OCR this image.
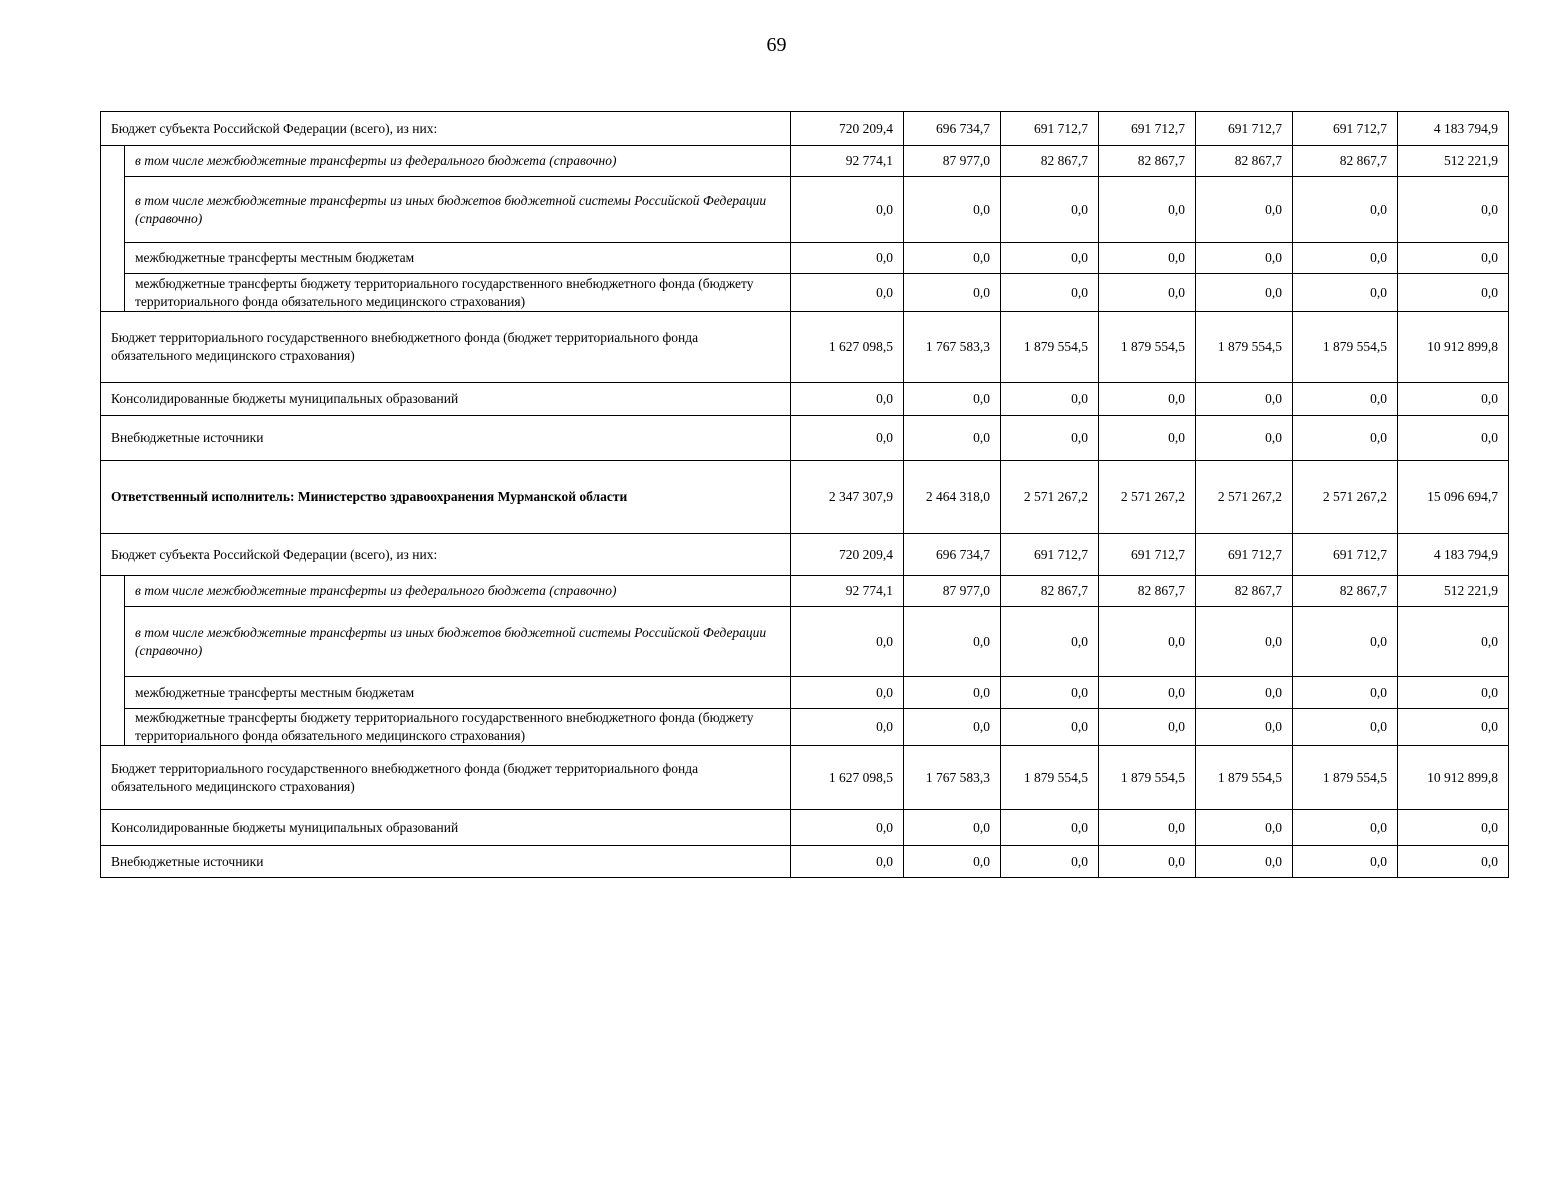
69
Бюджет субъекта Российской Федерации (всего), из них:		720 209,4	696 734,7	691 712,7	691 712,7	691 712,7	691 712,7	4 183 794,9
	в том числе межбюджетные трансферты из федерального бюджета (справочно)	92 774,1	87 977,0	82 867,7	82 867,7	82 867,7	82 867,7	512 221,9
	в том числе межбюджетные трансферты из иных бюджетов бюджетной системы Российской Федерации (справочно)	0,0	0,0	0,0	0,0	0,0	0,0	0,0
	межбюджетные трансферты местным бюджетам	0,0	0,0	0,0	0,0	0,0	0,0	0,0
	межбюджетные трансферты бюджету территориального государственного внебюджетного фонда (бюджету территориального фонда обязательного медицинского страхования)	0,0	0,0	0,0	0,0	0,0	0,0	0,0
Бюджет территориального государственного внебюджетного фонда (бюджет территориального фонда обязательного медицинского страхования)		1 627 098,5	1 767 583,3	1 879 554,5	1 879 554,5	1 879 554,5	1 879 554,5	10 912 899,8
Консолидированные бюджеты муниципальных образований		0,0	0,0	0,0	0,0	0,0	0,0	0,0
Внебюджетные источники		0,0	0,0	0,0	0,0	0,0	0,0	0,0
Ответственный исполнитель: Министерство здравоохранения Мурманской области		2 347 307,9	2 464 318,0	2 571 267,2	2 571 267,2	2 571 267,2	2 571 267,2	15 096 694,7
Бюджет субъекта Российской Федерации (всего), из них:		720 209,4	696 734,7	691 712,7	691 712,7	691 712,7	691 712,7	4 183 794,9
	в том числе межбюджетные трансферты из федерального бюджета (справочно)	92 774,1	87 977,0	82 867,7	82 867,7	82 867,7	82 867,7	512 221,9
	в том числе межбюджетные трансферты из иных бюджетов бюджетной системы Российской Федерации (справочно)	0,0	0,0	0,0	0,0	0,0	0,0	0,0
	межбюджетные трансферты местным бюджетам	0,0	0,0	0,0	0,0	0,0	0,0	0,0
	межбюджетные трансферты бюджету территориального государственного внебюджетного фонда (бюджету территориального фонда обязательного медицинского страхования)	0,0	0,0	0,0	0,0	0,0	0,0	0,0
Бюджет территориального государственного внебюджетного фонда (бюджет территориального фонда обязательного медицинского страхования)		1 627 098,5	1 767 583,3	1 879 554,5	1 879 554,5	1 879 554,5	1 879 554,5	10 912 899,8
Консолидированные бюджеты муниципальных образований		0,0	0,0	0,0	0,0	0,0	0,0	0,0
Внебюджетные источники		0,0	0,0	0,0	0,0	0,0	0,0	0,0
